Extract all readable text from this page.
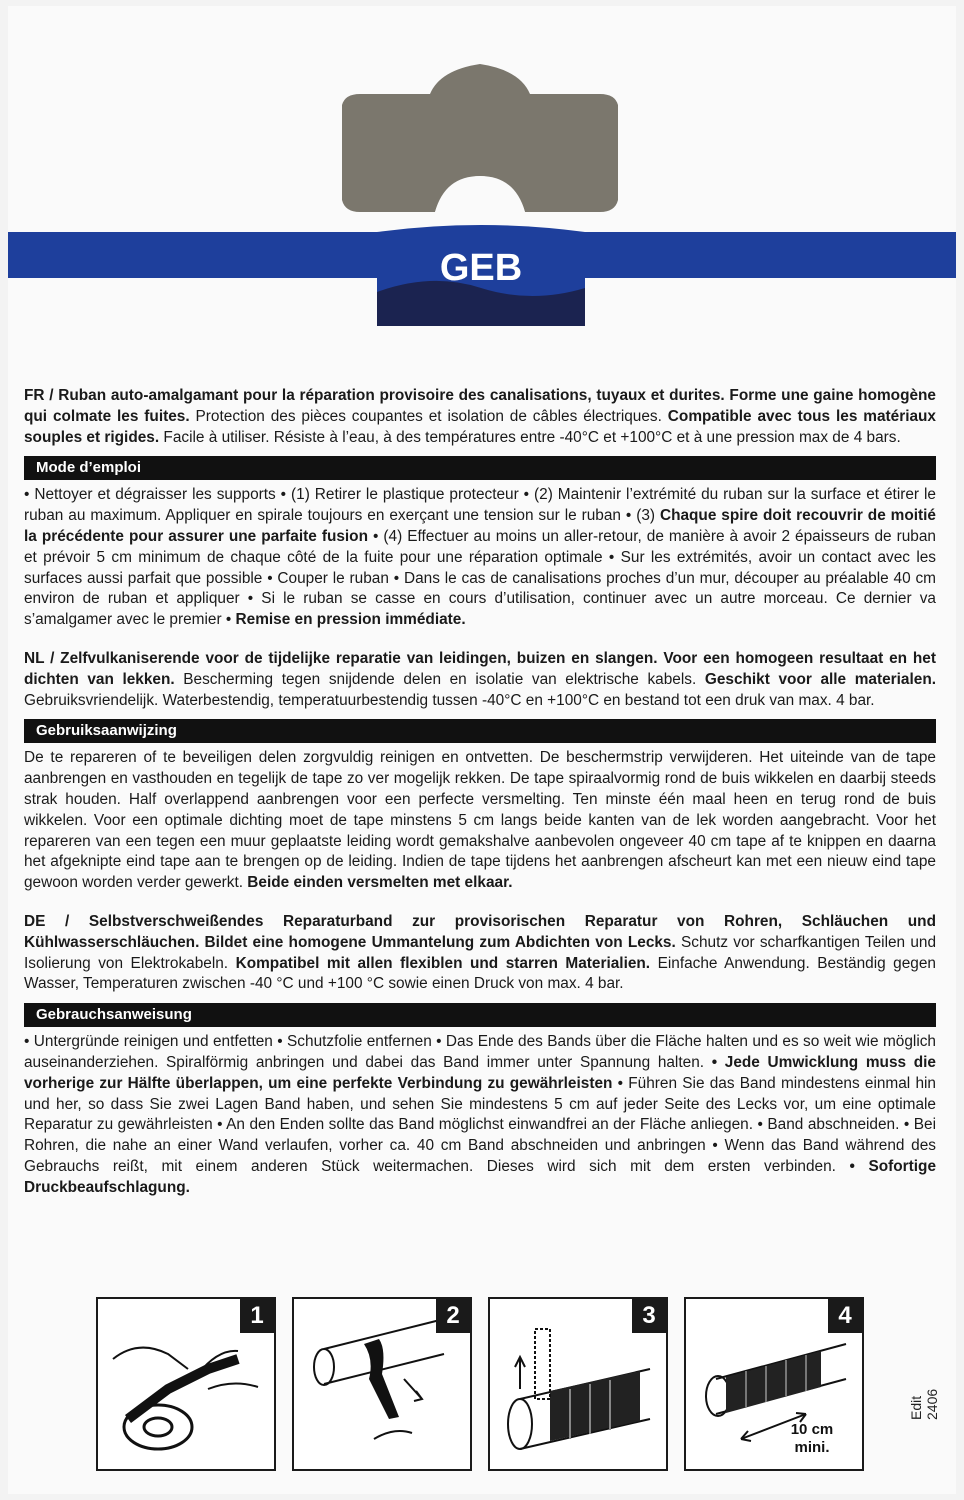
GEB

FR / Ruban auto-amalgamant pour la réparation provisoire des canalisations, tuyaux et durites. Forme une gaine homogène qui colmate les fuites. Protection des pièces coupantes et isolation de câbles électriques. Compatible avec tous les matériaux souples et rigides. Facile à utiliser. Résiste à l’eau, à des températures entre -40°C et +100°C et à une pression max de 4 bars.

Mode d’emploi

• Nettoyer et dégraisser les supports • (1) Retirer le plastique protecteur • (2) Maintenir l’extrémité du ruban sur la surface et étirer le ruban au maximum. Appliquer en spirale toujours en exerçant une tension sur le ruban • (3) Chaque spire doit recouvrir de moitié la précédente pour assurer une parfaite fusion • (4) Effectuer au moins un aller-retour, de manière à avoir 2 épaisseurs de ruban et prévoir 5 cm minimum de chaque côté de la fuite pour une réparation optimale • Sur les extrémités, avoir un contact avec les surfaces aussi parfait que possible • Couper le ruban • Dans le cas de canalisations proches d’un mur, découper au préalable 40 cm environ de ruban et appliquer • Si le ruban se casse en cours d’utilisation, continuer avec un autre morceau. Ce dernier va s’amalgamer avec le premier • Remise en pression immédiate.

NL / Zelfvulkaniserende voor de tijdelijke reparatie van leidingen, buizen en slangen. Voor een homogeen resultaat en het dichten van lekken. Bescherming tegen snijdende delen en isolatie van elektrische kabels. Geschikt voor alle materialen. Gebruiksvriendelijk. Waterbestendig, temperatuurbestendig tussen -40°C en +100°C en bestand tot een druk van max. 4 bar.

Gebruiksaanwijzing

De te repareren of te beveiligen delen zorgvuldig reinigen en ontvetten. De beschermstrip verwijderen. Het uiteinde van de tape aanbrengen en vasthouden en tegelijk de tape zo ver mogelijk rekken. De tape spiraalvormig rond de buis wikkelen en daarbij steeds strak houden. Half overlappend aanbrengen voor een perfecte versmelting. Ten minste één maal heen en terug rond de buis wikkelen. Voor een optimale dichting moet de tape minstens 5 cm langs beide kanten van de lek worden aangebracht. Voor het repareren van een tegen een muur geplaatste leiding wordt gemakshalve aanbevolen ongeveer 40 cm tape af te knippen en daarna het afgeknipte eind tape aan te brengen op de leiding. Indien de tape tijdens het aanbrengen afscheurt kan met een nieuw eind tape gewoon worden verder gewerkt. Beide einden versmelten met elkaar.

DE / Selbstverschweißendes Reparaturband zur provisorischen Reparatur von Rohren, Schläuchen und Kühlwasserschläuchen. Bildet eine homogene Ummantelung zum Abdichten von Lecks. Schutz vor scharfkantigen Teilen und Isolierung von Elektrokabeln. Kompatibel mit allen flexiblen und starren Materialien. Einfache Anwendung. Beständig gegen Wasser, Temperaturen zwischen -40 °C und +100 °C sowie einen Druck von max. 4 bar.

Gebrauchsanweisung

• Untergründe reinigen und entfetten • Schutzfolie entfernen • Das Ende des Bands über die Fläche halten und es so weit wie möglich auseinanderziehen. Spiralförmig anbringen und dabei das Band immer unter Spannung halten. • Jede Umwicklung muss die vorherige zur Hälfte überlappen, um eine perfekte Verbindung zu gewährleisten • Führen Sie das Band mindestens einmal hin und her, so dass Sie zwei Lagen Band haben, und sehen Sie mindestens 5 cm auf jeder Seite des Lecks vor, um eine optimale Reparatur zu gewährleisten • An den Enden sollte das Band möglichst einwandfrei an der Fläche anliegen. • Band abschneiden. • Bei Rohren, die nahe an einer Wand verlaufen, vorher ca. 40 cm Band abschneiden und anbringen • Wenn das Band während des Gebrauchs reißt, mit einem anderen Stück weitermachen. Dieses wird sich mit dem ersten verbinden. • Sofortige Druckbeaufschlagung.

1	2	3	4
10 cm
mini.
Edit 2406
